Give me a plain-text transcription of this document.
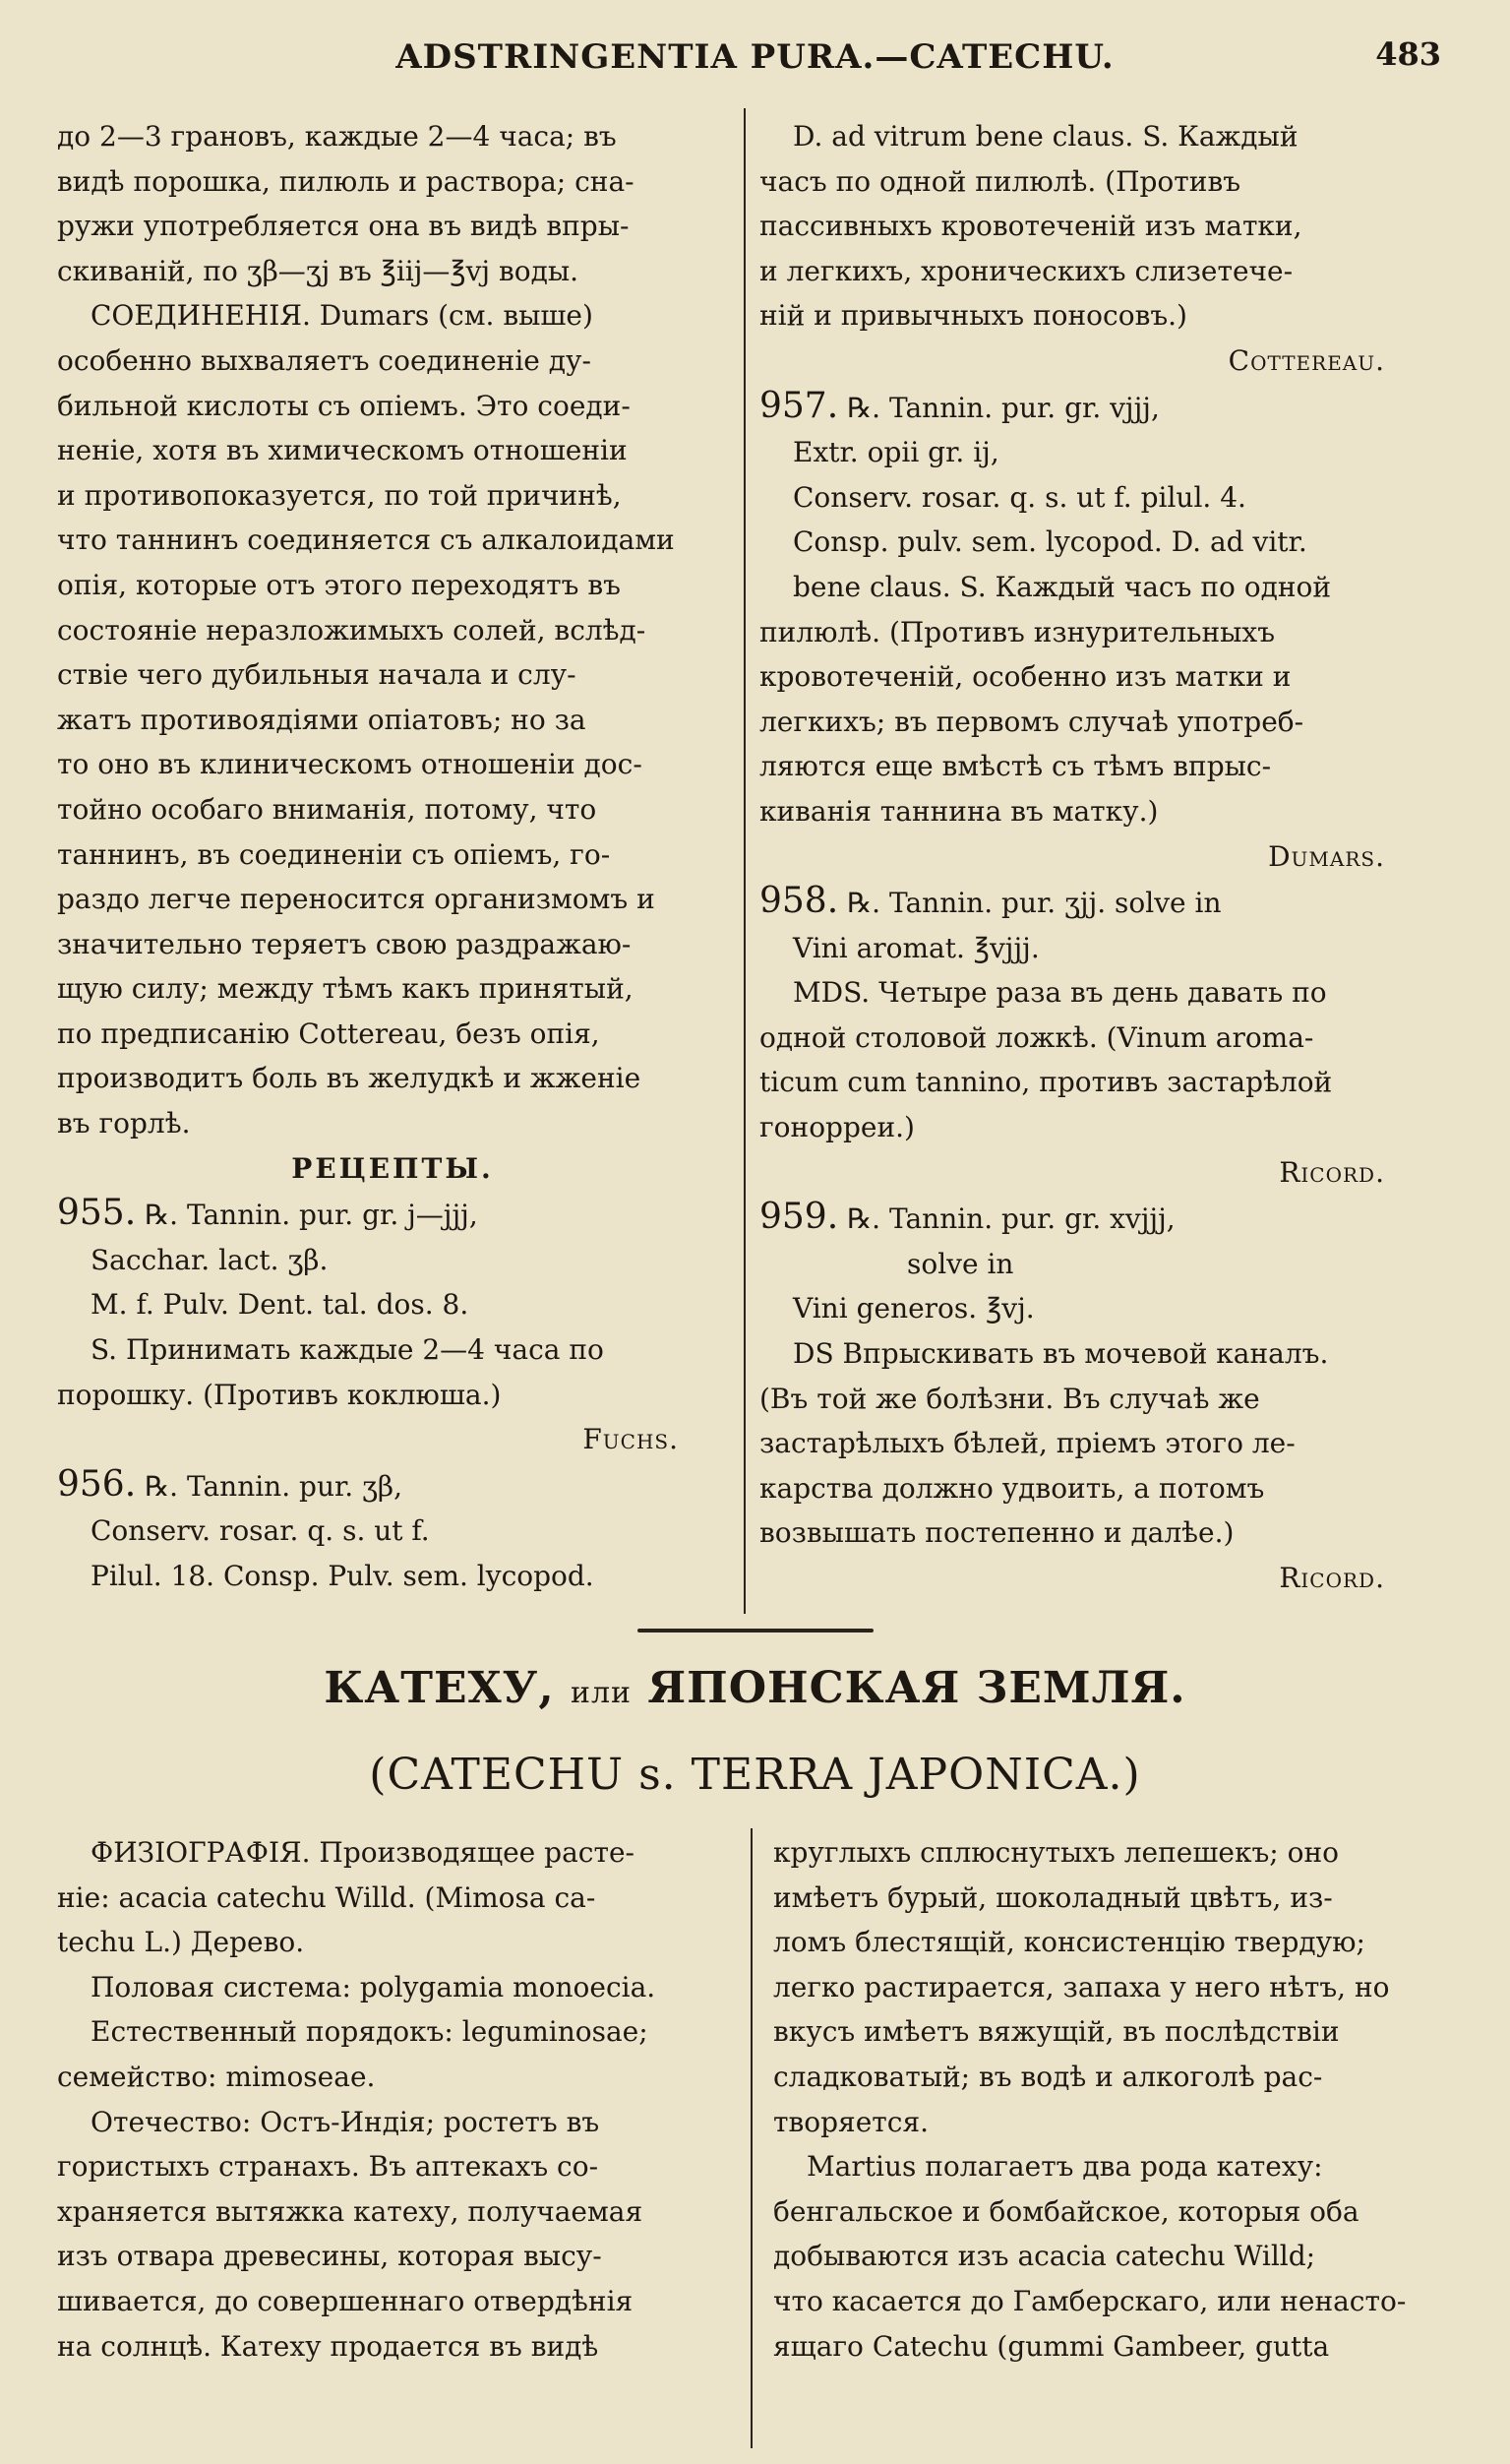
ADSTRINGENTIA PURA.—CATECHU.	483

до 2—3 грановъ, каждые 2—4 часа; въ

видѣ порошка, пилюль и раствора; сна-

ружи употребляется она въ видѣ впры-

скиваній, по ʒβ—ʒj въ ℥iij—℥vj воды.

СОЕДИНЕНІЯ. Dumars (см. выше)

особенно выхваляетъ соединеніе ду-

бильной кислоты съ опіемъ. Это соеди-

неніе, хотя въ химическомъ отношеніи

и противопоказуется, по той причинѣ,

что таннинъ соединяется съ алкалоидами

опія, которые отъ этого переходятъ въ

состояніе неразложимыхъ солей, вслѣд-

ствіе чего дубильныя начала и слу-

жатъ противоядіями опіатовъ; но за

то оно въ клиническомъ отношеніи дос-

тойно особаго вниманія, потому, что

таннинъ, въ соединеніи съ опіемъ, го-

раздо легче переносится организмомъ и

значительно теряетъ свою раздражаю-

щую силу; между тѣмъ какъ принятый,

по предписанію Cottereau, безъ опія,

производитъ боль въ желудкѣ и жженіе

въ горлѣ.

РЕЦЕПТЫ.

955. ℞. Tannin. pur. gr. j—jjj,

Sacchar. lact. ʒβ.

M. f. Pulv. Dent. tal. dos. 8.

S. Принимать каждые 2—4 часа по

порошку. (Противъ коклюша.)

Fuchs.

956. ℞. Tannin. pur. ʒβ,

Conserv. rosar. q. s. ut f.

Pilul. 18. Consp. Pulv. sem. lycopod.

D. ad vitrum bene claus. S. Каждый

часъ по одной пилюлѣ. (Противъ

пассивныхъ кровотеченій изъ матки,

и легкихъ, хроническихъ слизетече-

ній и привычныхъ поносовъ.)

Cottereau.

957. ℞. Tannin. pur. gr. vjjj,

Extr. opii gr. ij,

Conserv. rosar. q. s. ut f. pilul. 4.

Consp. pulv. sem. lycopod. D. ad vitr.

bene claus. S. Каждый часъ по одной

пилюлѣ. (Противъ изнурительныхъ

кровотеченій, особенно изъ матки и

легкихъ; въ первомъ случаѣ употреб-

ляются еще вмѣстѣ съ тѣмъ впрыс-

киванія таннина въ матку.)

Dumars.

958. ℞. Tannin. pur. ʒjj. solve in

Vini aromat. ℥vjjj.

MDS. Четыре раза въ день давать по

одной столовой ложкѣ. (Vinum aroma-

ticum cum tannino, противъ застарѣлой

гонорреи.)

Ricord.

959. ℞. Tannin. pur. gr. xvjjj,

solve in

Vini generos. ℥vj.

DS Впрыскивать въ мочевой каналъ.

(Въ той же болѣзни. Въ случаѣ же

застарѣлыхъ бѣлей, пріемъ этого ле-

карства должно удвоить, а потомъ

возвышать постепенно и далѣе.)

Ricord.

КАТЕХУ, или ЯПОНСКАЯ ЗЕМЛЯ.
(CATECHU s. TERRA JAPONICA.)

ФИЗІОГРАФІЯ. Производящее расте-

ніе: acacia catechu Willd. (Mimosa ca-

techu L.) Дерево.

Половая система: polygamia monoecia.

Естественный порядокъ: leguminosae;

семейство: mimoseae.

Отечество: Остъ-Индія; ростетъ въ

гористыхъ странахъ. Въ аптекахъ со-

храняется вытяжка катеху, получаемая

изъ отвара древесины, которая высу-

шивается, до совершеннаго отвердѣнія

на солнцѣ. Катеху продается въ видѣ

круглыхъ сплюснутыхъ лепешекъ; оно

имѣетъ бурый, шоколадный цвѣтъ, из-

ломъ блестящій, консистенцію твердую;

легко растирается, запаха у него нѣтъ, но

вкусъ имѣетъ вяжущій, въ послѣдствіи

сладковатый; въ водѣ и алкоголѣ рас-

творяется.

Martius полагаетъ два рода катеху:

бенгальское и бомбайское, которыя оба

добываются изъ acacia catechu Willd;

что касается до Гамберскаго, или ненасто-

ящаго Catechu (gummi Gambeer, gutta
